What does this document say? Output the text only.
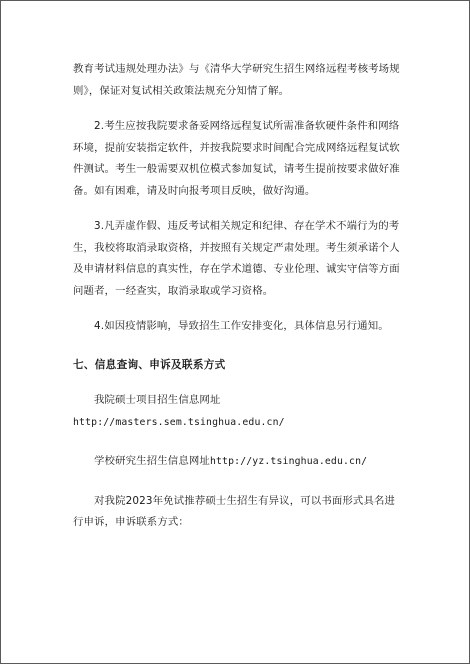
教育考试违规处理办法》与《清华大学研究生招生网络远程考核考场规则》，保证对复试相关政策法规充分知情了解。

2.考生应按我院要求备妥网络远程复试所需准备软硬件条件和网络环境，提前安装指定软件，并按我院要求时间配合完成网络远程复试软件测试。考生一般需要双机位模式参加复试，请考生提前按要求做好准备。如有困难，请及时向报考项目反映，做好沟通。

3.凡弄虚作假、违反考试相关规定和纪律、存在学术不端行为的考生，我校将取消录取资格，并按照有关规定严肃处理。考生须承诺个人及申请材料信息的真实性，存在学术道德、专业伦理、诚实守信等方面问题者，一经查实，取消录取或学习资格。

4.如因疫情影响，导致招生工作安排变化，具体信息另行通知。

七、信息查询、申诉及联系方式

我院硕士项目招生信息网址

http://masters.sem.tsinghua.edu.cn/

学校研究生招生信息网址http://yz.tsinghua.edu.cn/

对我院2023年免试推荐硕士生招生有异议，可以书面形式具名进行申诉，申诉联系方式：
